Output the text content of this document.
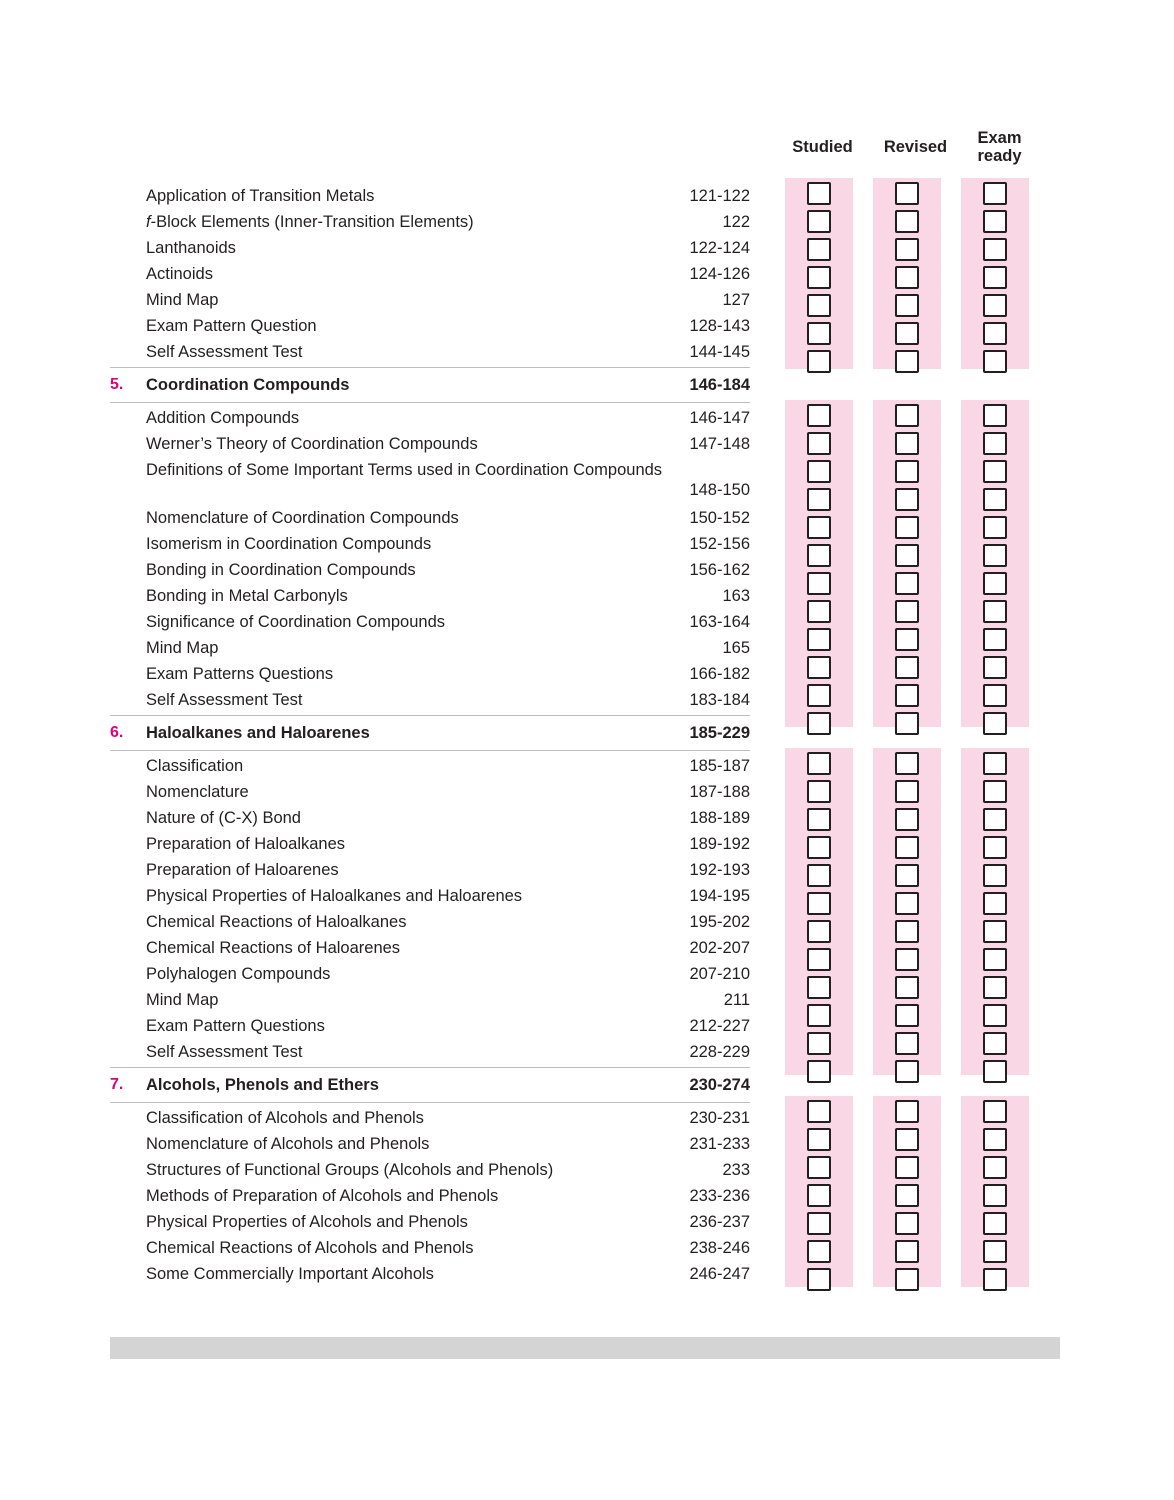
Studied	Revised	Exam
ready
Application of Transition Metals	121-122
f-Block Elements (Inner-Transition Elements)	122
Lanthanoids	122-124
Actinoids	124-126
Mind Map	127
Exam Pattern Question	128-143
Self Assessment Test	144-145
5.	Coordination Compounds	146-184
Addition Compounds	146-147
Werner’s Theory of Coordination Compounds	147-148
Definitions of Some Important Terms used in Coordination Compounds
148-150
Nomenclature of Coordination Compounds	150-152
Isomerism in Coordination Compounds	152-156
Bonding in Coordination Compounds	156-162
Bonding in Metal Carbonyls	163
Significance of Coordination Compounds	163-164
Mind Map	165
Exam Patterns Questions	166-182
Self Assessment Test	183-184
6.	Haloalkanes and Haloarenes	185-229
Classification	185-187
Nomenclature	187-188
Nature of (C-X) Bond	188-189
Preparation of Haloalkanes	189-192
Preparation of Haloarenes	192-193
Physical Properties of Haloalkanes and Haloarenes	194-195
Chemical Reactions of Haloalkanes	195-202
Chemical Reactions of Haloarenes	202-207
Polyhalogen Compounds	207-210
Mind Map	211
Exam Pattern Questions	212-227
Self Assessment Test	228-229
7.	Alcohols, Phenols and Ethers	230-274
Classification of Alcohols and Phenols	230-231
Nomenclature of Alcohols and Phenols	231-233
Structures of Functional Groups (Alcohols and Phenols)	233
Methods of Preparation of Alcohols and Phenols	233-236
Physical Properties of Alcohols and Phenols	236-237
Chemical Reactions of Alcohols and Phenols	238-246
Some Commercially Important Alcohols	246-247
